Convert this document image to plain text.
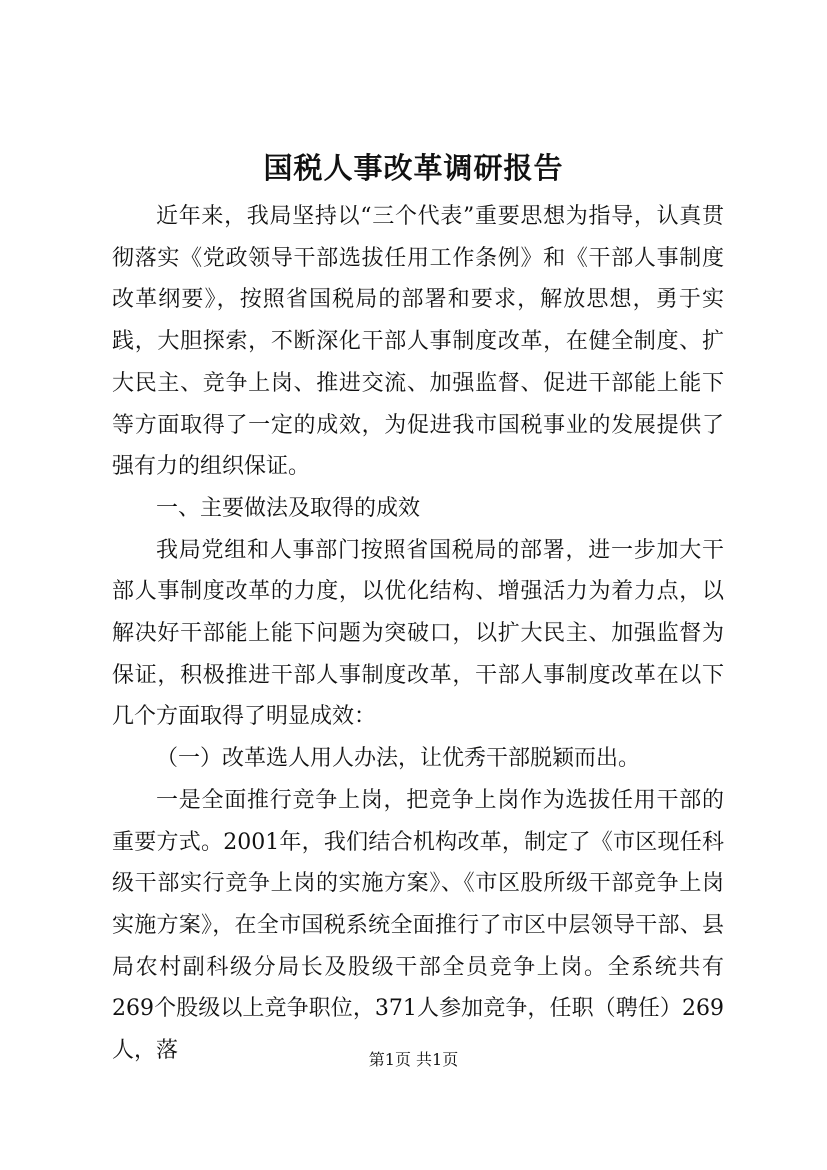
国税人事改革调研报告

近年来，我局坚持以“三个代表”重要思想为指导，认真贯彻落实《党政领导干部选拔任用工作条例》和《干部人事制度改革纲要》，按照省国税局的部署和要求，解放思想，勇于实践，大胆探索，不断深化干部人事制度改革，在健全制度、扩大民主、竞争上岗、推进交流、加强监督、促进干部能上能下等方面取得了一定的成效，为促进我市国税事业的发展提供了强有力的组织保证。

一、主要做法及取得的成效

我局党组和人事部门按照省国税局的部署，进一步加大干部人事制度改革的力度，以优化结构、增强活力为着力点，以解决好干部能上能下问题为突破口，以扩大民主、加强监督为保证，积极推进干部人事制度改革，干部人事制度改革在以下几个方面取得了明显成效：

（一）改革选人用人办法，让优秀干部脱颖而出。

一是全面推行竞争上岗，把竞争上岗作为选拔任用干部的重要方式。2001年，我们结合机构改革，制定了《市区现任科级干部实行竞争上岗的实施方案》、《市区股所级干部竞争上岗实施方案》，在全市国税系统全面推行了市区中层领导干部、县局农村副科级分局长及股级干部全员竞争上岗。全系统共有269个股级以上竞争职位，371人参加竞争，任职（聘任）269人，落	第1页 共1页
